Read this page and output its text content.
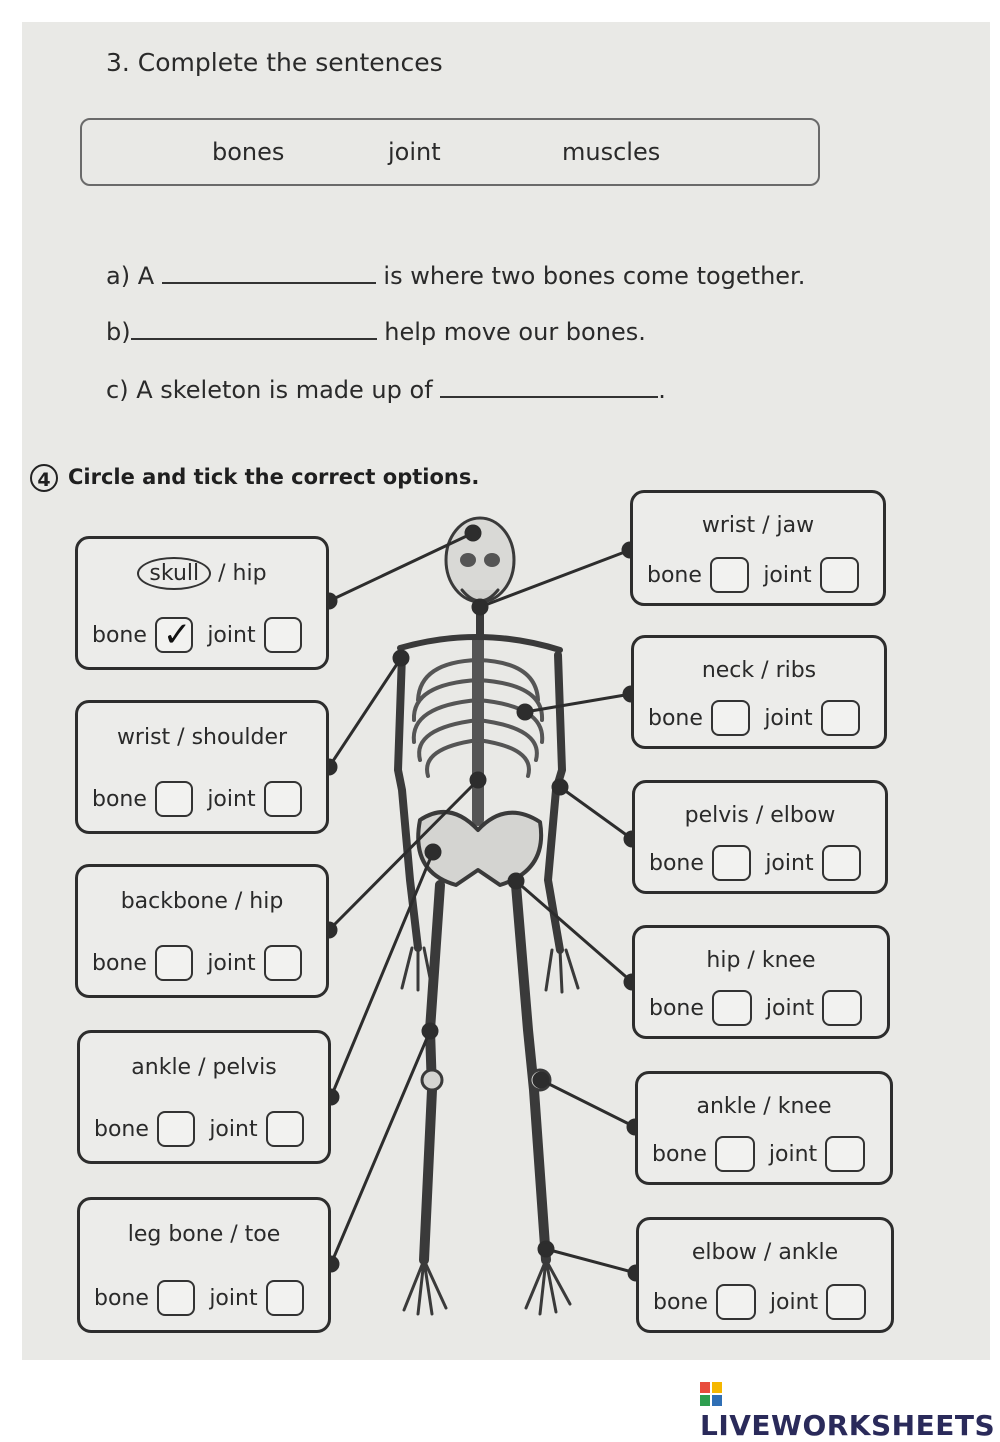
3. Complete the sentences
bones	joint	muscles
a) A	is where two bones come together.
b)	help move our bones.
c) A skeleton is made up of	.
4 Circle and tick the correct options.
skull / hip
bone
✓	joint
wrist / shoulder
bone	joint
backbone / hip
bone	joint
ankle / pelvis
bone	joint
leg bone / toe
bone	joint
wrist / jaw
bone	joint
neck / ribs
bone	joint
pelvis / elbow
bone	joint
hip / knee
bone	joint
ankle / knee
bone	joint
elbow / ankle
bone	joint
LIVEWORKSHEETS
